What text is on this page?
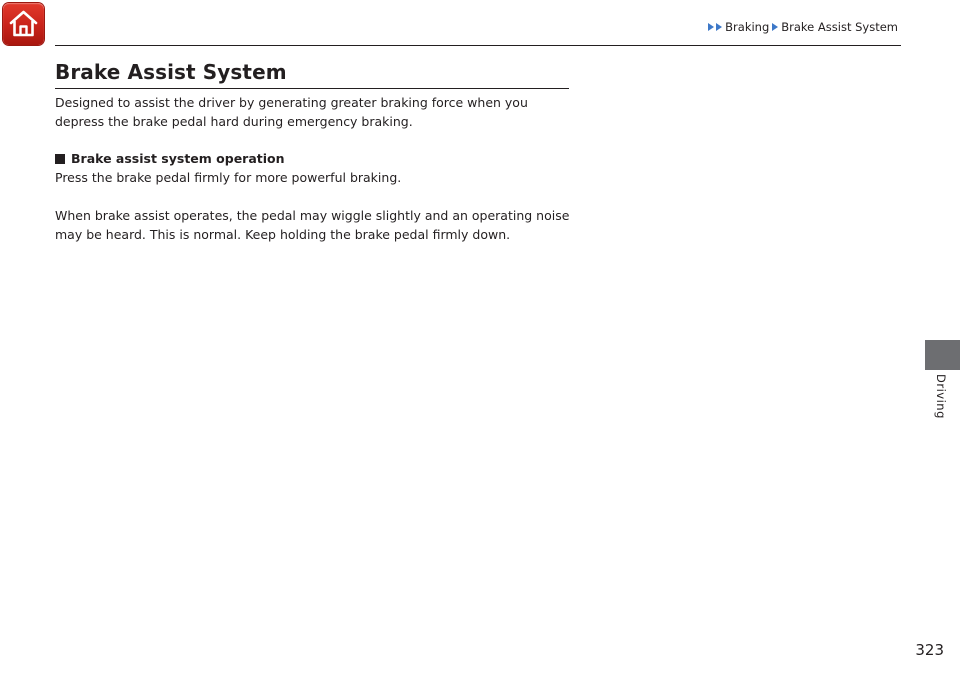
Braking Brake Assist System
Brake Assist System

Designed to assist the driver by generating greater braking force when you depress the brake pedal hard during emergency braking.

Brake assist system operation

Press the brake pedal firmly for more powerful braking.

When brake assist operates, the pedal may wiggle slightly and an operating noise may be heard. This is normal. Keep holding the brake pedal firmly down.

Driving
323
